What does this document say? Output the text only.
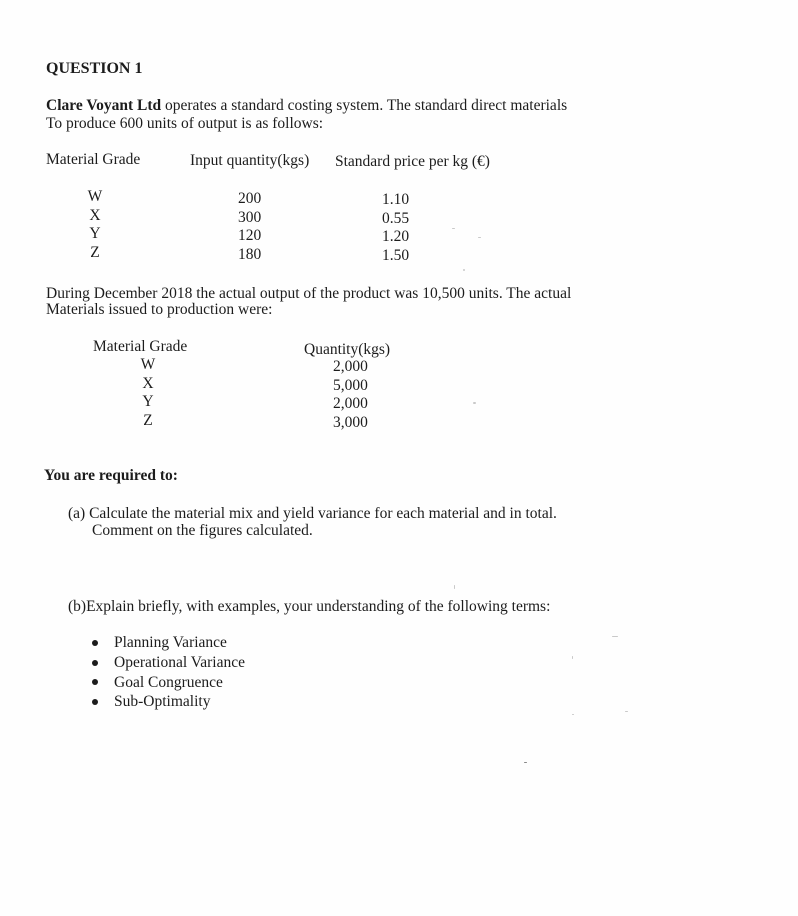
QUESTION 1
Clare Voyant Ltd operates a standard costing system. The standard direct materials
To produce 600 units of output is as follows:
Material Grade	Input quantity(kgs) Standard price per kg (€)
W
X
Y
Z
200
300
120
180
1.10
0.55
1.20
1.50
During December 2018 the actual output of the product was 10,500 units. The actual
Materials issued to production were:
Material Grade	Quantity(kgs)
W
X
Y
Z
2,000
5,000
2,000
3,000
You are required to:
(a) Calculate the material mix and yield variance for each material and in total.
Comment on the figures calculated.
(b)Explain briefly, with examples, your understanding of the following terms:
Planning Variance
Operational Variance
Goal Congruence
Sub-Optimality
